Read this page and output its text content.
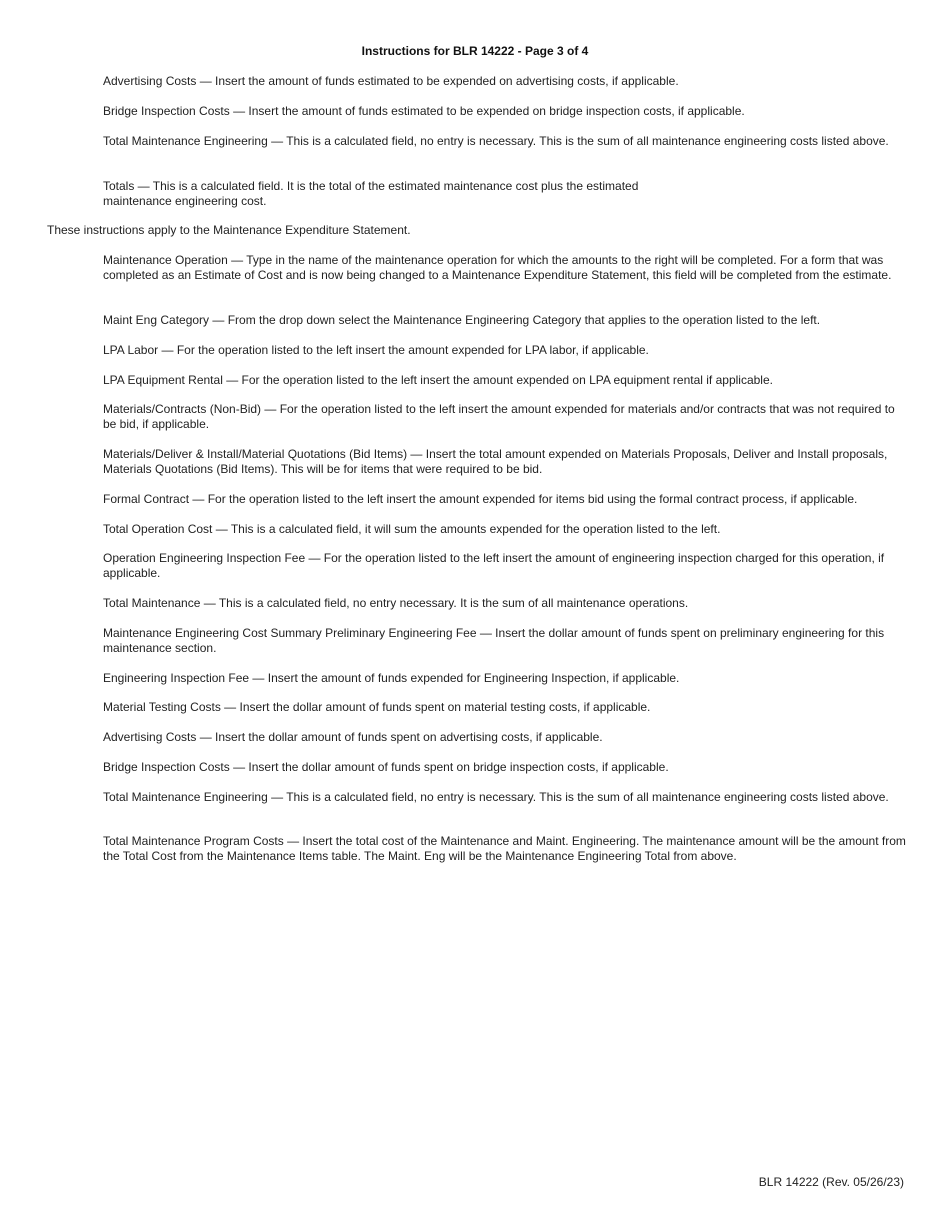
Instructions for BLR 14222 - Page 3 of 4

Advertising Costs — Insert the amount of funds estimated to be expended on advertising costs, if applicable.

Bridge Inspection Costs — Insert the amount of funds estimated to be expended on bridge inspection costs, if applicable.

Total Maintenance Engineering — This is a calculated field, no entry is necessary. This is the sum of all maintenance engineering costs listed above.

Totals — This is a calculated field. It is the total of the estimated maintenance cost plus the estimated maintenance engineering cost.

These instructions apply to the Maintenance Expenditure Statement.

Maintenance Operation — Type in the name of the maintenance operation for which the amounts to the right will be completed. For a form that was completed as an Estimate of Cost and is now being changed to a Maintenance Expenditure Statement, this field will be completed from the estimate.

Maint Eng Category — From the drop down select the Maintenance Engineering Category that applies to the operation listed to the left.

LPA Labor — For the operation listed to the left insert the amount expended for LPA labor, if applicable.

LPA Equipment Rental — For the operation listed to the left insert the amount expended on LPA equipment rental if applicable.

Materials/Contracts (Non-Bid) — For the operation listed to the left insert the amount expended for materials and/or contracts that was not required to be bid, if applicable.

Materials/Deliver & Install/Material Quotations (Bid Items) — Insert the total amount expended on Materials Proposals, Deliver and Install proposals, Materials Quotations (Bid Items). This will be for items that were required to be bid.

Formal Contract — For the operation listed to the left insert the amount expended for items bid using the formal contract process, if applicable.

Total Operation Cost — This is a calculated field, it will sum the amounts expended for the operation listed to the left.

Operation Engineering Inspection Fee — For the operation listed to the left insert the amount of engineering inspection charged for this operation, if applicable.

Total Maintenance — This is a calculated field, no entry necessary. It is the sum of all maintenance operations.

Maintenance Engineering Cost Summary Preliminary Engineering Fee — Insert the dollar amount of funds spent on preliminary engineering for this maintenance section.

Engineering Inspection Fee — Insert the amount of funds expended for Engineering Inspection, if applicable.

Material Testing Costs — Insert the dollar amount of funds spent on material testing costs, if applicable.

Advertising Costs — Insert the dollar amount of funds spent on advertising costs, if applicable.

Bridge Inspection Costs — Insert the dollar amount of funds spent on bridge inspection costs, if applicable.

Total Maintenance Engineering — This is a calculated field, no entry is necessary. This is the sum of all maintenance engineering costs listed above.

Total Maintenance Program Costs — Insert the total cost of the Maintenance and Maint. Engineering. The maintenance amount will be the amount from the Total Cost from the Maintenance Items table. The Maint. Eng will be the Maintenance Engineering Total from above.

BLR 14222 (Rev. 05/26/23)
